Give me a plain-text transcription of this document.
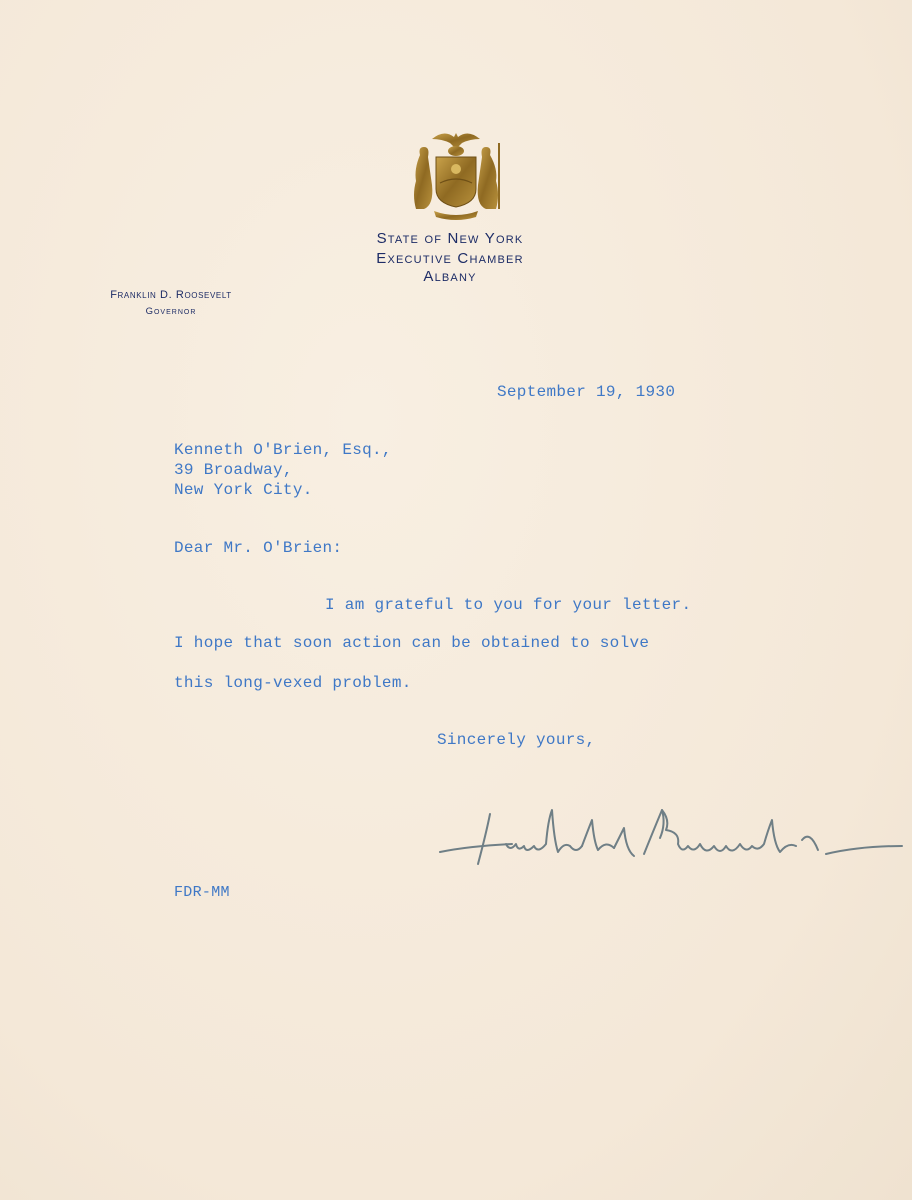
State of New York
Executive Chamber
Albany
Franklin D. Roosevelt
Governor
September 19, 1930
Kenneth O'Brien, Esq.,
39 Broadway,
New York City.
Dear Mr. O'Brien:
I am grateful to you for your letter.
I hope that soon action can be obtained to solve
this long-vexed problem.
Sincerely yours,
FDR-MM
